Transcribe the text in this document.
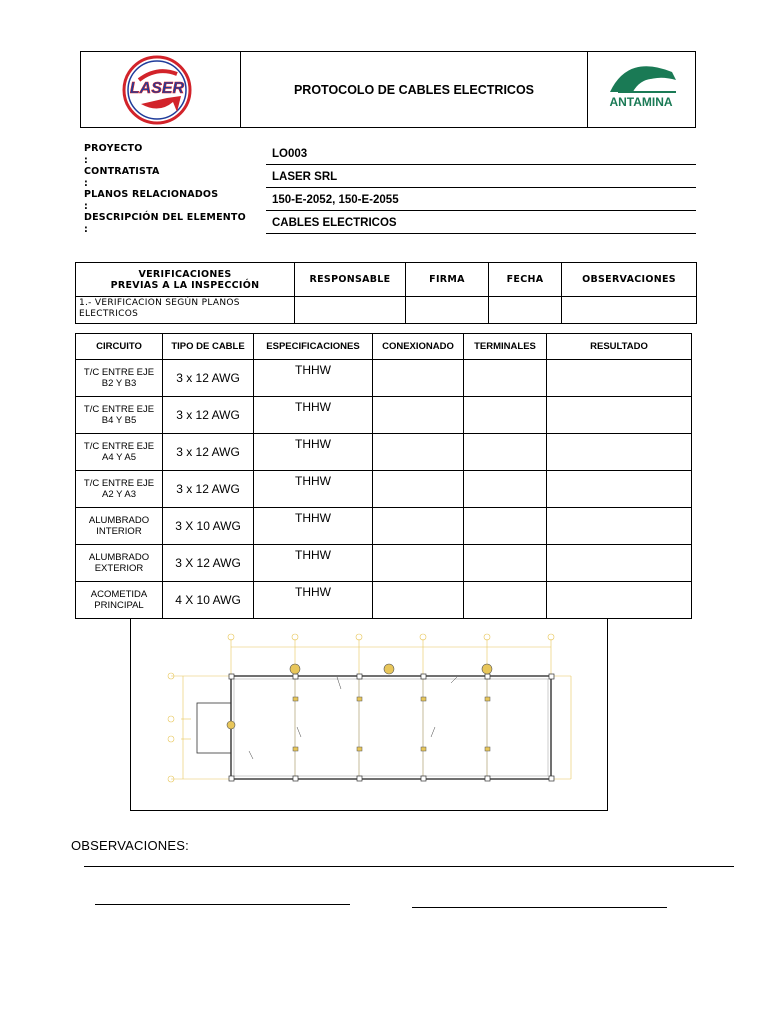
LASER	PROTOCOLO DE CABLES ELECTRICOS
ANTAMINA
PROYECTO
:
LO003
CONTRATISTA
:
LASER SRL
PLANOS RELACIONADOS
:
150-E-2052, 150-E-2055
DESCRIPCIÓN DEL ELEMENTO
:
CABLES ELECTRICOS
VERIFICACIONES
PREVIAS A LA INSPECCIÓN	RESPONSABLE	FIRMA	FECHA	OBSERVACIONES
1.- VERIFICACION SEGÚN PLANOS ELECTRICOS				
CIRCUITO	TIPO DE CABLE	ESPECIFICACIONES	CONEXIONADO	TERMINALES	RESULTADO
T/C ENTRE EJE
B2 Y B3	3 x 12 AWG	THHW			
T/C ENTRE EJE
B4 Y B5	3 x 12 AWG	THHW			
T/C ENTRE EJE
A4 Y A5	3 x 12 AWG	THHW			
T/C ENTRE EJE
A2 Y A3	3 x 12 AWG	THHW			
ALUMBRADO
INTERIOR	3 X 10 AWG	THHW			
ALUMBRADO
EXTERIOR	3 X 12 AWG	THHW			
ACOMETIDA
PRINCIPAL	4 X 10 AWG	THHW			
OBSERVACIONES:
